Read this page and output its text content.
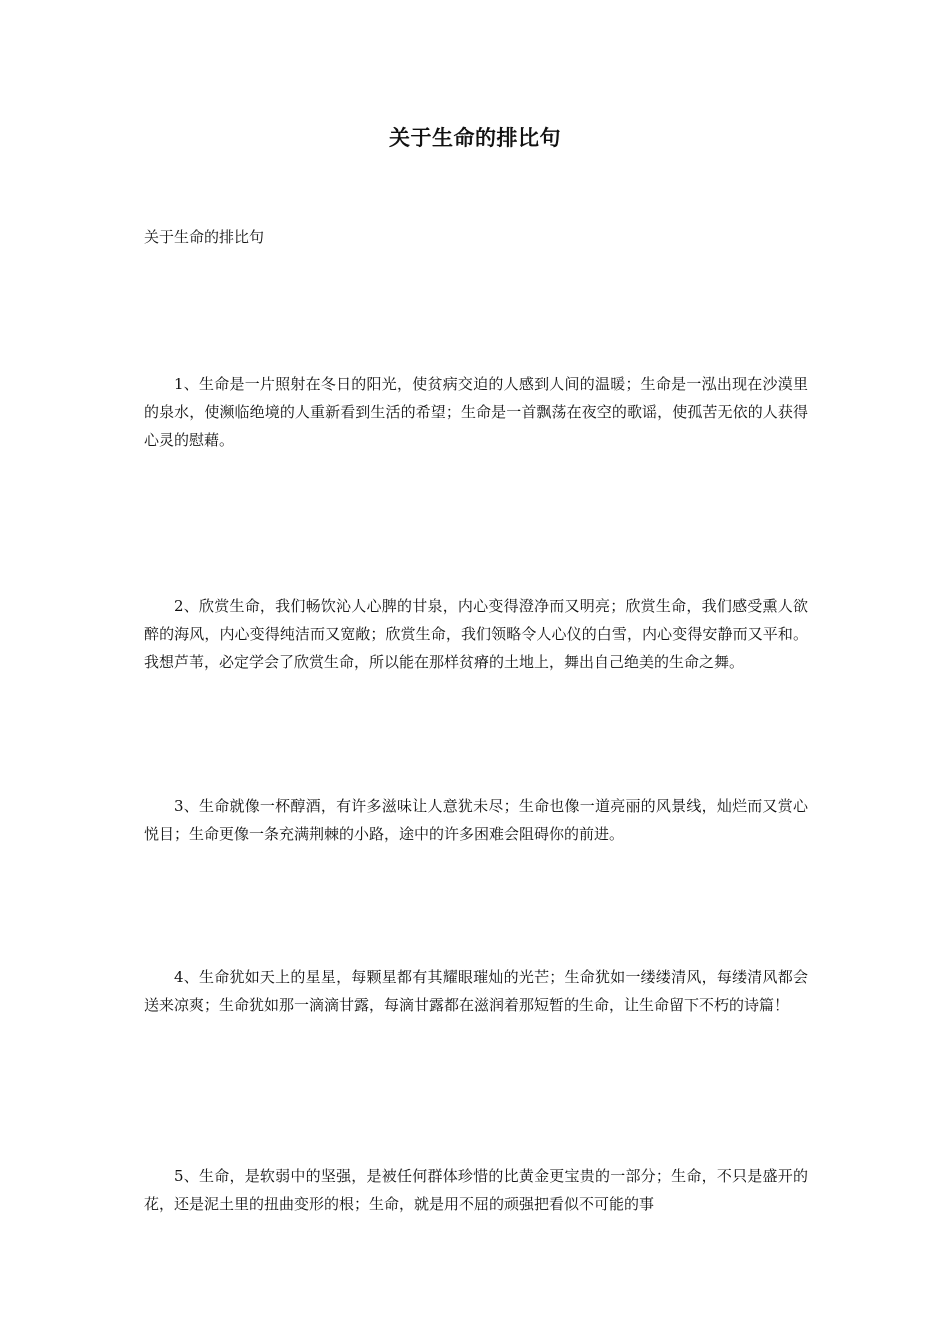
关于生命的排比句

关于生命的排比句

1、生命是一片照射在冬日的阳光，使贫病交迫的人感到人间的温暖；生命是一泓出现在沙漠里的泉水，使濒临绝境的人重新看到生活的希望；生命是一首飘荡在夜空的歌谣，使孤苦无依的人获得心灵的慰藉。

2、欣赏生命，我们畅饮沁人心脾的甘泉，内心变得澄净而又明亮；欣赏生命，我们感受熏人欲醉的海风，内心变得纯洁而又宽敞；欣赏生命，我们领略令人心仪的白雪，内心变得安静而又平和。我想芦苇，必定学会了欣赏生命，所以能在那样贫瘠的土地上，舞出自己绝美的生命之舞。

3、生命就像一杯醇酒，有许多滋味让人意犹未尽；生命也像一道亮丽的风景线，灿烂而又赏心悦目；生命更像一条充满荆棘的小路，途中的许多困难会阻碍你的前进。

4、生命犹如天上的星星，每颗星都有其耀眼璀灿的光芒；生命犹如一缕缕清风，每缕清风都会送来凉爽；生命犹如那一滴滴甘露，每滴甘露都在滋润着那短暂的生命，让生命留下不朽的诗篇！

5、生命，是软弱中的坚强，是被任何群体珍惜的比黄金更宝贵的一部分；生命，不只是盛开的花，还是泥土里的扭曲变形的根；生命，就是用不屈的顽强把看似不可能的事
